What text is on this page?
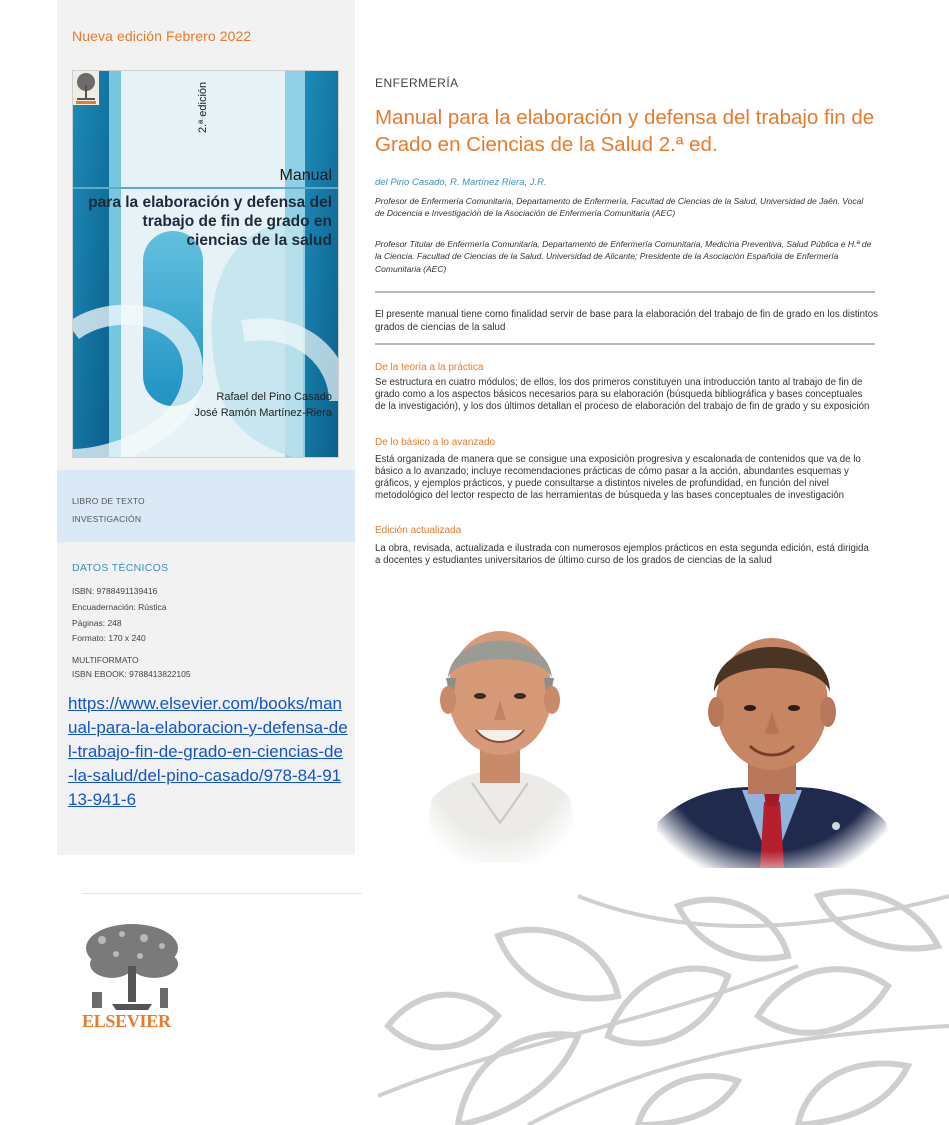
Nueva edición Febrero 2022
2.ª edición
Manual
para la elaboración y defensa del trabajo de fin de grado en ciencias de la salud
Rafael del Pino Casado
José Ramón Martínez-Riera
LIBRO DE TEXTO
INVESTIGACIÓN
DATOS TÉCNICOS
ISBN: 9788491139416
Encuadernación: Rústica
Páginas: 248
Formato: 170 x 240
MULTIFORMATO
ISBN EBOOK: 9788413822105
https://www.elsevier.com/books/manual-para-la-elaboracion-y-defensa-del-trabajo-fin-de-grado-en-ciencias-de-la-salud/del-pino-casado/978-84-9113-941-6
ELSEVIER
ENFERMERÍA
Manual para la elaboración y defensa del trabajo fin de Grado en Ciencias de la Salud 2.ª ed.
del Pino Casado, R. Martínez Riera, J.R.
Profesor de Enfermería Comunitaria, Departamento de Enfermería, Facultad de Ciencias de la Salud, Universidad de Jaén. Vocal de Docencia e Investigación de la Asociación de Enfermería Comunitaria (AEC)
Profesor Titular de Enfermería Comunitaria, Departamento de Enfermería Comunitaria, Medicina Preventiva, Salud Pública e H.ª de la Ciencia. Facultad de Ciencias de la Salud. Universidad de Alicante; Presidente de la Asociación Española de Enfermería Comunitaria (AEC)
El presente manual tiene como finalidad servir de base para la elaboración del trabajo de fin de grado en los distintos grados de ciencias de la salud
De la teoría a la práctica
Se estructura en cuatro módulos; de ellos, los dos primeros constituyen una introducción tanto al trabajo de fin de grado como a los aspectos básicos necesarios para su elaboración (búsqueda bibliográfica y bases conceptuales de la investigación), y los dos últimos detallan el proceso de elaboración del trabajo de fin de grado y su exposición
De lo básico a lo avanzado
Está organizada de manera que se consigue una exposición progresiva y escalonada de contenidos que va de lo básico a lo avanzado; incluye recomendaciones prácticas de cómo pasar a la acción, abundantes esquemas y gráficos, y ejemplos prácticos, y puede consultarse a distintos niveles de profundidad, en función del nivel metodológico del lector respecto de las herramientas de búsqueda y las bases conceptuales de investigación
Edición actualizada
La obra, revisada, actualizada e ilustrada con numerosos ejemplos prácticos en esta segunda edición, está dirigida a docentes y estudiantes universitarios de último curso de los grados de ciencias de la salud
